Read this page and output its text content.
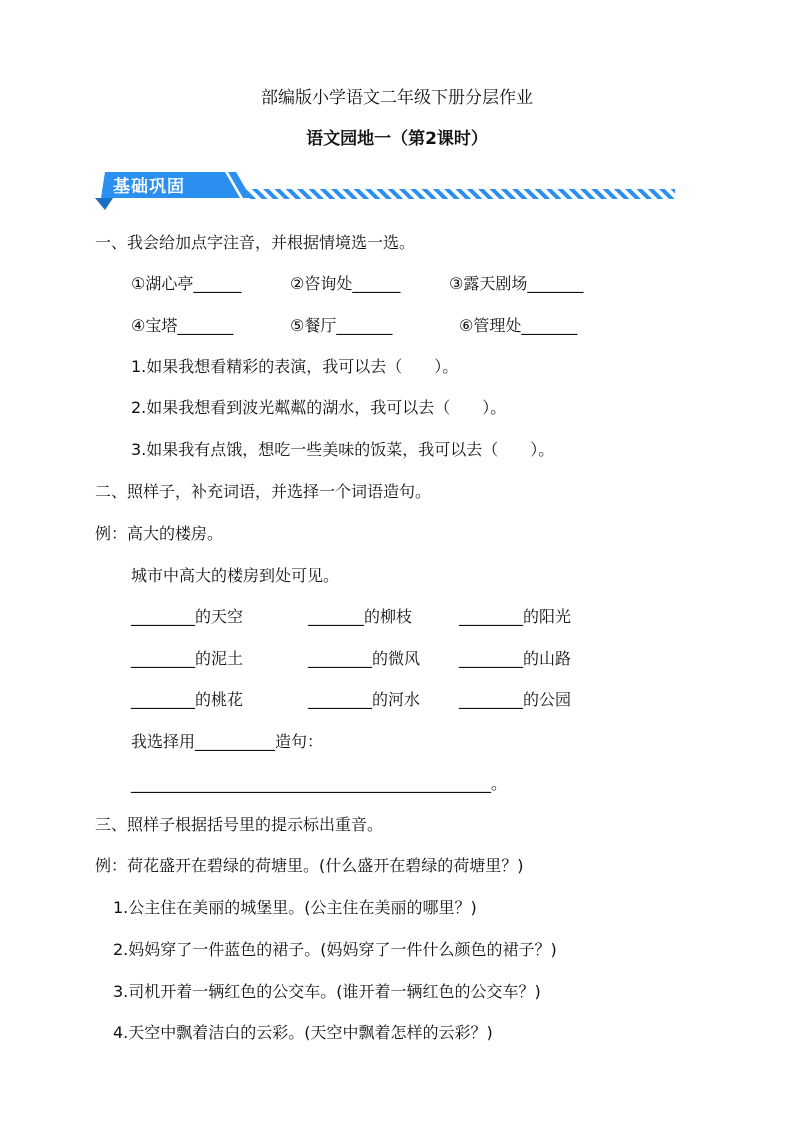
部编版小学语文二年级下册分层作业
语文园地一（第2课时）
基础巩固
一、我会给加点字注音，并根据情境选一选。
①湖心亭______	②咨询处______	③露天剧场_______
④宝塔_______	⑤餐厅_______	⑥管理处_______
1.如果我想看精彩的表演，我可以去（　　）。
2.如果我想看到波光粼粼的湖水，我可以去（　　）。
3.如果我有点饿，想吃一些美味的饭菜，我可以去（　　）。
二、照样子，补充词语，并选择一个词语造句。
例：高大的楼房。
城市中高大的楼房到处可见。
________的天空	_______的柳枝	________的阳光
________的泥土	________的微风 ________的山路
________的桃花	________的河水 ________的公园
我选择用__________造句：
_____________________________________________。
三、照样子根据括号里的提示标出重音。
例：荷花盛开在碧绿的荷塘里。(什么盛开在碧绿的荷塘里？)
1.公主住在美丽的城堡里。(公主住在美丽的哪里？)
2.妈妈穿了一件蓝色的裙子。(妈妈穿了一件什么颜色的裙子？)
3.司机开着一辆红色的公交车。(谁开着一辆红色的公交车？)
4.天空中飘着洁白的云彩。(天空中飘着怎样的云彩？)
